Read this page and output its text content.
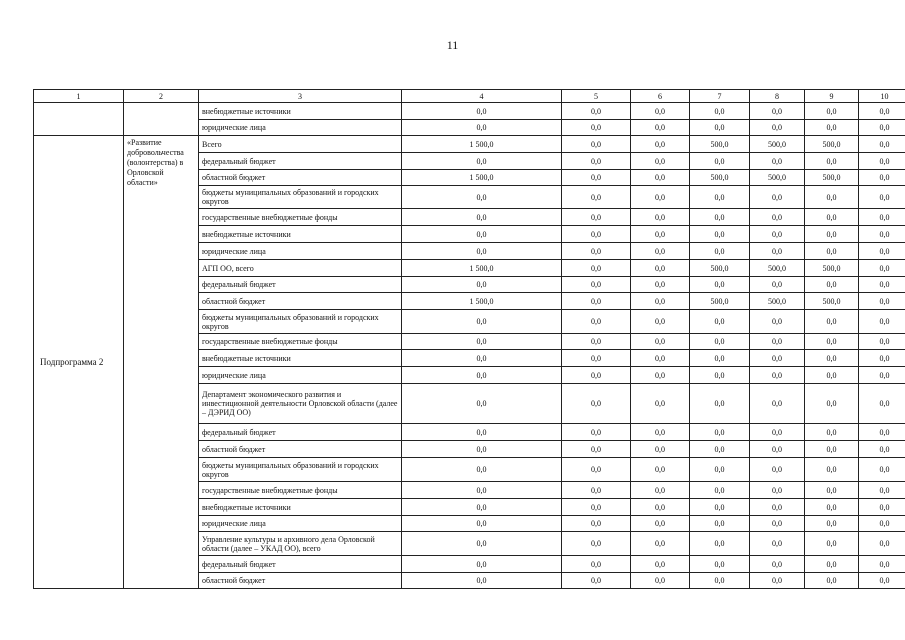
11
1	2	3	4	5	6	7	8	9	10
		внебюджетные источники	0,0	0,0	0,0	0,0	0,0	0,0	0,0
		юридические лица	0,0	0,0	0,0	0,0	0,0	0,0	0,0
Подпрограмма 2	«Развитие добровольчества (волонтерства) в Орловской области»	Всего	1 500,0	0,0	0,0	500,0	500,0	500,0	0,0
		федеральный бюджет	0,0	0,0	0,0	0,0	0,0	0,0	0,0
		областной бюджет	1 500,0	0,0	0,0	500,0	500,0	500,0	0,0
		бюджеты муниципальных образований и городских округов	0,0	0,0	0,0	0,0	0,0	0,0	0,0
		государственные внебюджетные фонды	0,0	0,0	0,0	0,0	0,0	0,0	0,0
		внебюджетные источники	0,0	0,0	0,0	0,0	0,0	0,0	0,0
		юридические лица	0,0	0,0	0,0	0,0	0,0	0,0	0,0
		АГП ОО, всего	1 500,0	0,0	0,0	500,0	500,0	500,0	0,0
		федеральный бюджет	0,0	0,0	0,0	0,0	0,0	0,0	0,0
		областной бюджет	1 500,0	0,0	0,0	500,0	500,0	500,0	0,0
		бюджеты муниципальных образований и городских округов	0,0	0,0	0,0	0,0	0,0	0,0	0,0
		государственные внебюджетные фонды	0,0	0,0	0,0	0,0	0,0	0,0	0,0
		внебюджетные источники	0,0	0,0	0,0	0,0	0,0	0,0	0,0
		юридические лица	0,0	0,0	0,0	0,0	0,0	0,0	0,0
		Департамент экономического развития и инвестиционной деятельности Орловской области (далее – ДЭРИД ОО)	0,0	0,0	0,0	0,0	0,0	0,0	0,0
		федеральный бюджет	0,0	0,0	0,0	0,0	0,0	0,0	0,0
		областной бюджет	0,0	0,0	0,0	0,0	0,0	0,0	0,0
		бюджеты муниципальных образований и городских округов	0,0	0,0	0,0	0,0	0,0	0,0	0,0
		государственные внебюджетные фонды	0,0	0,0	0,0	0,0	0,0	0,0	0,0
		внебюджетные источники	0,0	0,0	0,0	0,0	0,0	0,0	0,0
		юридические лица	0,0	0,0	0,0	0,0	0,0	0,0	0,0
		Управление культуры и архивного дела Орловской области (далее – УКАД ОО), всего	0,0	0,0	0,0	0,0	0,0	0,0	0,0
		федеральный бюджет	0,0	0,0	0,0	0,0	0,0	0,0	0,0
		областной бюджет	0,0	0,0	0,0	0,0	0,0	0,0	0,0
